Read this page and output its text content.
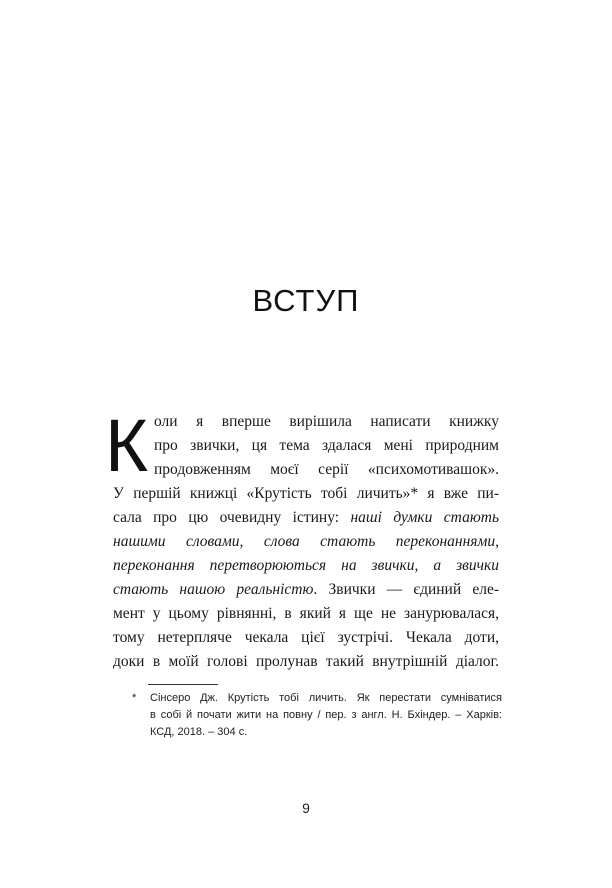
ВСТУП
К оли я вперше вирішила написати книжку
про звички, ця тема здалася мені природним
продовженням моєї серії «психомотивашок».
У першій книжці «Крутість тобі личить»* я вже пи-
сала про цю очевидну істину: наші думки стають
нашими словами, слова стають переконаннями,
переконання перетворюються на звички, а звички
стають нашою реальністю. Звички — єдиний еле-
мент у цьому рівнянні, в який я ще не занурювалася,
тому нетерпляче чекала цієї зустрічі. Чекала доти,
доки в моїй голові пролунав такий внутрішній діалог.
* Сінсеро Дж. Крутість тобі личить. Як перестати сумніватися
в собі й почати жити на повну / пер. з англ. Н. Бхіндер. – Харків:
КСД, 2018. – 304 с.
9
